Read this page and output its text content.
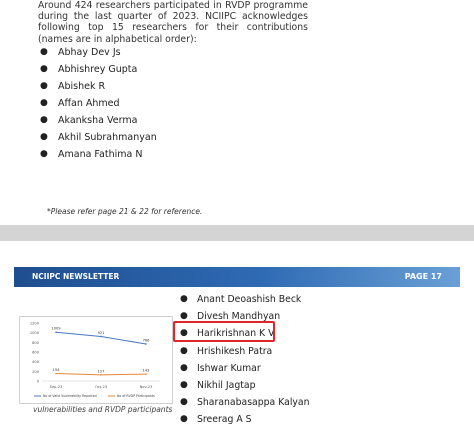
Around 424 researchers participated in RVDP programme during the last quarter of 2023. NCIIPC acknowledges following top 15 researchers for their contributions (names are in alphabetical order):
● Abhay Dev Js
● Abhishrey Gupta
● Abishek R
● Affan Ahmed
● Akanksha Verma
● Akhil Subrahmanyan
● Amana Fathima N
*Please refer page 21 & 22 for reference.
NCIIPC NEWSLETTER	PAGE 17
0
200
400
600
800
1000
1200
Sep-23	Oct-23	Nov-23
1009
921
766
154	127	143
No of Valid Vulnerability Reported	No of RVDP Participants
vulnerabilities and RVDP participants
● Anant Deoashish Beck
● Divesh Mandhyan
● Harikrishnan K V
● Hrishikesh Patra
● Ishwar Kumar
● Nikhil Jagtap
● Sharanabasappa Kalyan
● Sreerag A S
